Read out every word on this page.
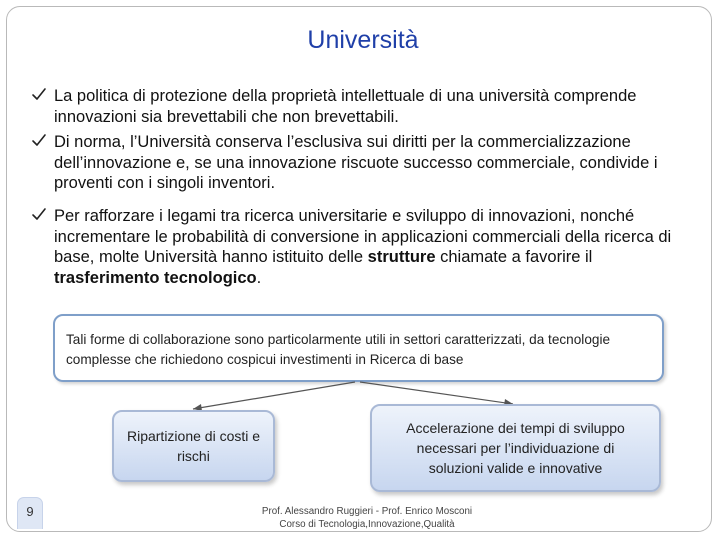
Università
La politica di protezione della proprietà intellettuale di una università comprende innovazioni sia brevettabili che non brevettabili.
Di norma, l’Università conserva l’esclusiva sui diritti per la commercializzazione dell’innovazione e, se una innovazione riscuote successo commerciale, condivide i proventi con i singoli inventori.
Per rafforzare i legami tra ricerca universitarie e sviluppo di innovazioni, nonché incrementare le probabilità di conversione in applicazioni commerciali della ricerca di base, molte Università hanno istituito delle strutture chiamate a favorire il trasferimento tecnologico.
Tali forme di collaborazione sono particolarmente utili in settori caratterizzati, da tecnologie complesse che richiedono cospicui investimenti in Ricerca di base
Ripartizione di costi e rischi
Accelerazione dei tempi di sviluppo necessari per l’individuazione di soluzioni valide e innovative
9	Prof. Alessandro Ruggieri - Prof. Enrico Mosconi
Corso di Tecnologia,Innovazione,Qualità
